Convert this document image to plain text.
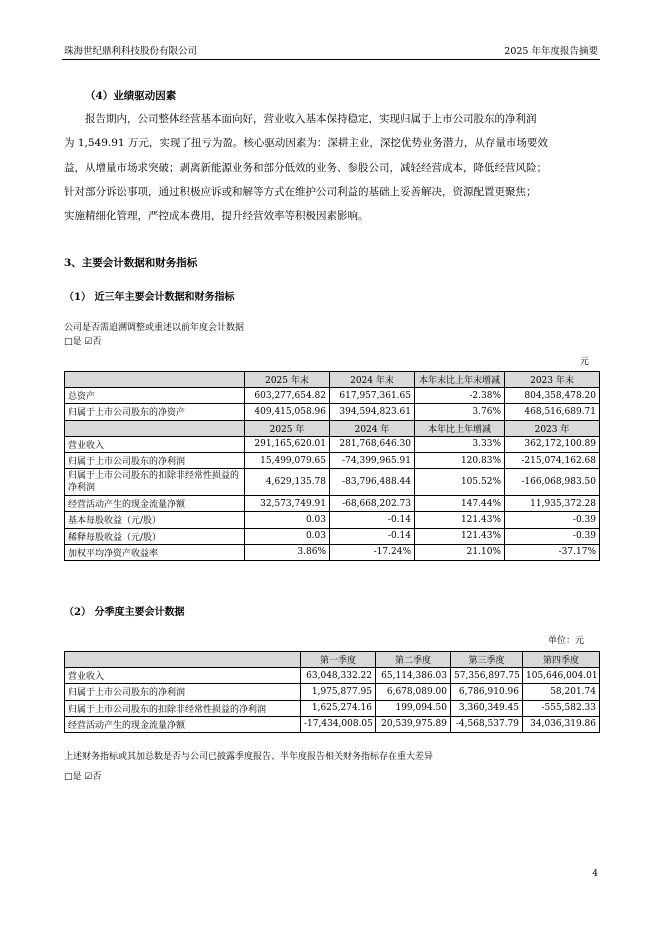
珠海世纪鼎利科技股份有限公司	2025 年年度报告摘要
（4）业绩驱动因素
报告期内，公司整体经营基本面向好，营业收入基本保持稳定，实现归属于上市公司股东的净利润
为 1,549.91 万元，实现了扭亏为盈。核心驱动因素为：深耕主业，深挖优势业务潜力，从存量市场要效
益，从增量市场求突破；剥离新能源业务和部分低效的业务、参股公司，减轻经营成本，降低经营风险；
针对部分诉讼事项，通过积极应诉或和解等方式在维护公司利益的基础上妥善解决，资源配置更聚焦；
实施精细化管理，严控成本费用，提升经营效率等积极因素影响。
3、主要会计数据和财务指标
（1） 近三年主要会计数据和财务指标
公司是否需追溯调整或重述以前年度会计数据
□是 ☑否
元
	2025 年末	2024 年末	本年末比上年末增减	2023 年末
总资产	603,277,654.82	617,957,361.65	-2.38%	804,358,478.20
归属于上市公司股东的净资产	409,415,058.96	394,594,823.61	3.76%	468,516,689.71
	2025 年	2024 年	本年比上年增减	2023 年
营业收入	291,165,620.01	281,768,646.30	3.33%	362,172,100.89
归属于上市公司股东的净利润	15,499,079.65	-74,399,965.91	120.83%	-215,074,162.68
归属于上市公司股东的扣除非经常性损益的净利润	4,629,135.78	-83,796,488.44	105.52%	-166,068,983.50
经营活动产生的现金流量净额	32,573,749.91	-68,668,202.73	147.44%	11,935,372.28
基本每股收益（元/股）	0.03	-0.14	121.43%	-0.39
稀释每股收益（元/股）	0.03	-0.14	121.43%	-0.39
加权平均净资产收益率	3.86%	-17.24%	21.10%	-37.17%
（2） 分季度主要会计数据
单位：元
	第一季度	第二季度	第三季度	第四季度
营业收入	63,048,332.22	65,114,386.03	57,356,897.75	105,646,004.01
归属于上市公司股东的净利润	1,975,877.95	6,678,089.00	6,786,910.96	58,201.74
归属于上市公司股东的扣除非经常性损益的净利润	1,625,274.16	199,094.50	3,360,349.45	-555,582.33
经营活动产生的现金流量净额	-17,434,008.05	20,539,975.89	-4,568,537.79	34,036,319.86
上述财务指标或其加总数是否与公司已披露季度报告、半年度报告相关财务指标存在重大差异
□是 ☑否
4
